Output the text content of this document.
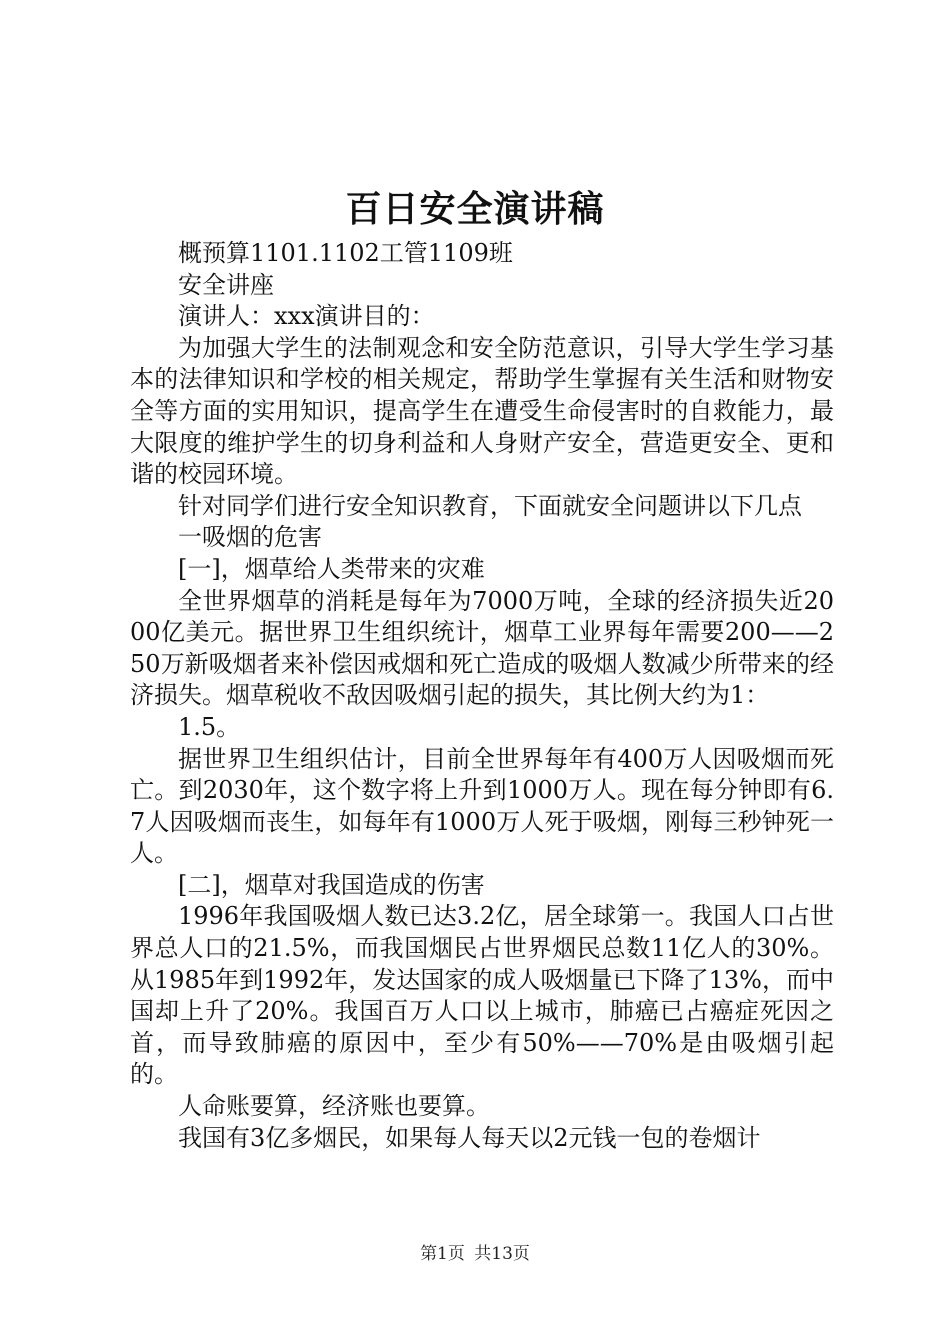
百日安全演讲稿

概预算1101.1102工管1109班

安全讲座

演讲人：xxx演讲目的：

为加强大学生的法制观念和安全防范意识，引导大学生学习基本的法律知识和学校的相关规定，帮助学生掌握有关生活和财物安全等方面的实用知识，提高学生在遭受生命侵害时的自救能力，最大限度的维护学生的切身利益和人身财产安全，营造更安全、更和谐的校园环境。

针对同学们进行安全知识教育，下面就安全问题讲以下几点

一吸烟的危害

[一]，烟草给人类带来的灾难

全世界烟草的消耗是每年为7000万吨，全球的经济损失近2000亿美元。据世界卫生组织统计，烟草工业界每年需要200——250万新吸烟者来补偿因戒烟和死亡造成的吸烟人数减少所带来的经济损失。烟草税收不敌因吸烟引起的损失，其比例大约为1：

1.5。

据世界卫生组织估计，目前全世界每年有400万人因吸烟而死亡。到2030年，这个数字将上升到1000万人。现在每分钟即有6.7人因吸烟而丧生，如每年有1000万人死于吸烟，刚每三秒钟死一人。

[二]，烟草对我国造成的伤害

1996年我国吸烟人数已达3.2亿，居全球第一。我国人口占世界总人口的21.5%，而我国烟民占世界烟民总数11亿人的30%。从1985年到1992年，发达国家的成人吸烟量已下降了13%，而中国却上升了20%。我国百万人口以上城市，肺癌已占癌症死因之首，而导致肺癌的原因中，至少有50%——70%是由吸烟引起的。

人命账要算，经济账也要算。

我国有3亿多烟民，如果每人每天以2元钱一包的卷烟计

第1页 共13页
